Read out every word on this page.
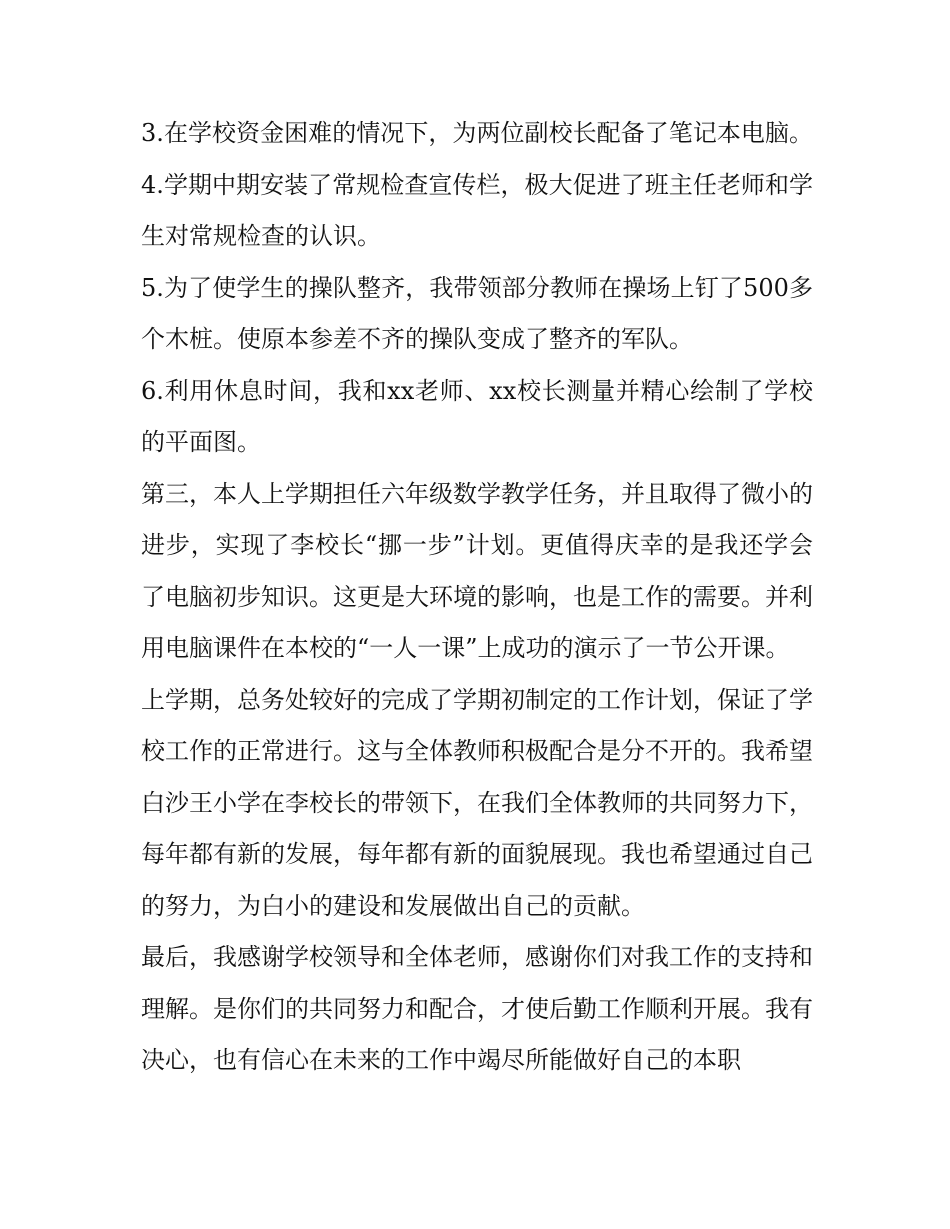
3.在学校资金困难的情况下，为两位副校长配备了笔记本电脑。 4.学期中期安装了常规检查宣传栏，极大促进了班主任老师和学生对常规检查的认识。

5.为了使学生的操队整齐，我带领部分教师在操场上钉了500多个木桩。使原本参差不齐的操队变成了整齐的军队。

6.利用休息时间，我和xx老师、xx校长测量并精心绘制了学校的平面图。

第三，本人上学期担任六年级数学教学任务，并且取得了微小的进步，实现了李校长“挪一步”计划。更值得庆幸的是我还学会了电脑初步知识。这更是大环境的影响，也是工作的需要。并利用电脑课件在本校的“一人一课”上成功的演示了一节公开课。

上学期，总务处较好的完成了学期初制定的工作计划，保证了学校工作的正常进行。这与全体教师积极配合是分不开的。我希望白沙王小学在李校长的带领下，在我们全体教师的共同努力下，每年都有新的发展，每年都有新的面貌展现。我也希望通过自己的努力，为白小的建设和发展做出自己的贡献。

最后，我感谢学校领导和全体老师，感谢你们对我工作的支持和理解。是你们的共同努力和配合，才使后勤工作顺利开展。我有决心，也有信心在未来的工作中竭尽所能做好自己的本职
